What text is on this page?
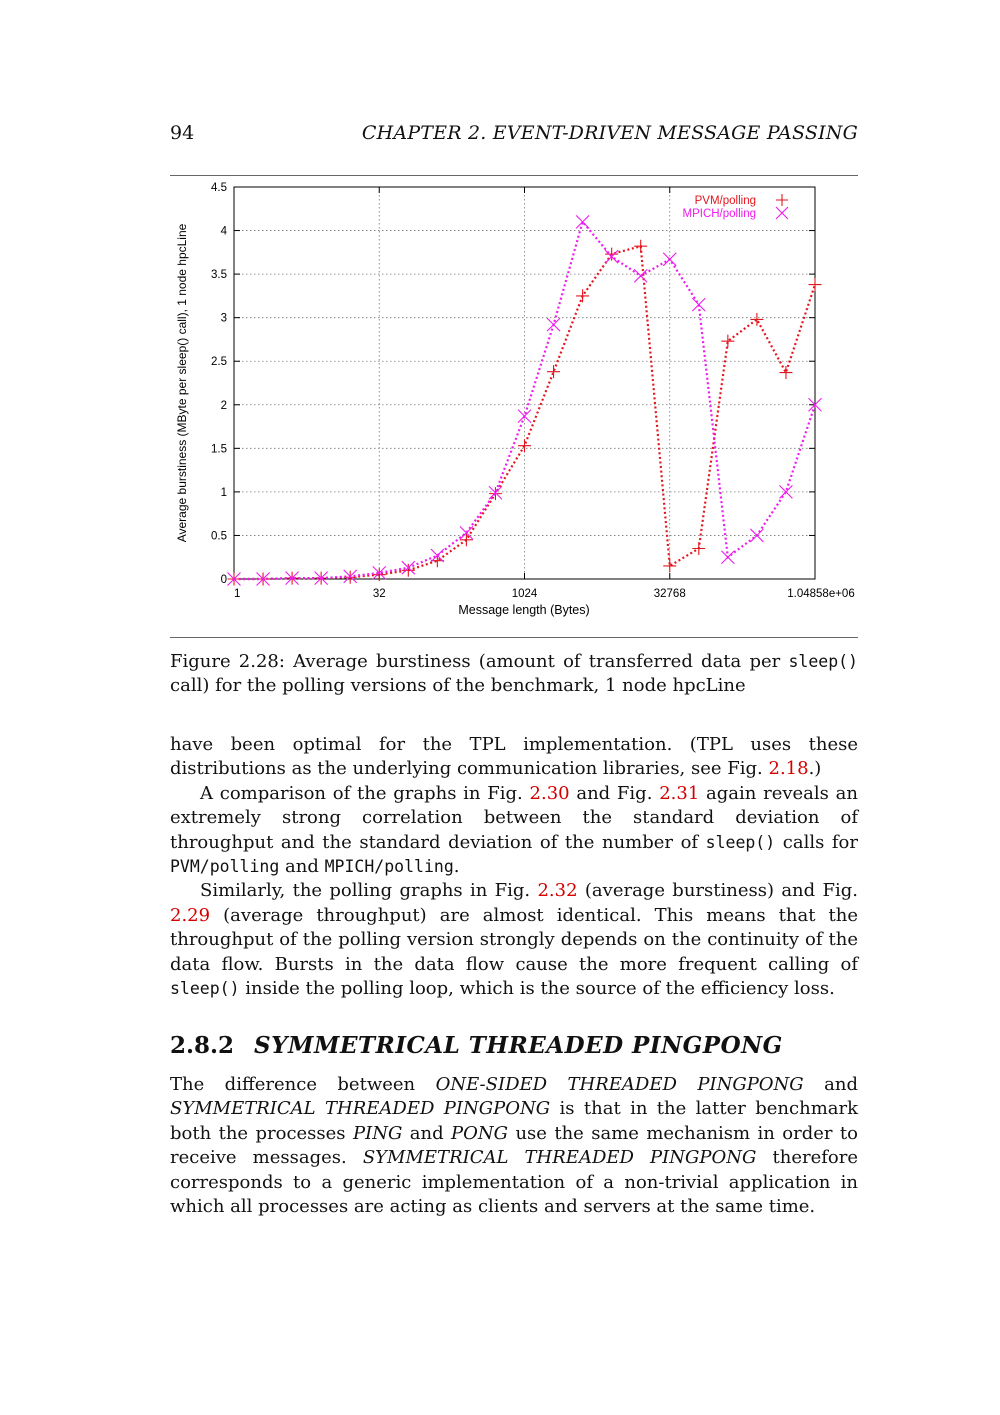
94	CHAPTER 2. EVENT-DRIVEN MESSAGE PASSING
0
0.5
1
1.5
2
2.5
3
3.5
4
4.5
1	32	1024	32768	1.04858e+06
Message length (Bytes)
Average burstiness (MByte per sleep() call), 1 node hpcLine
PVM/polling
MPICH/polling
Figure 2.28: Average burstiness (amount of transferred data per sleep() call) for the polling versions of the benchmark, 1 node hpcLine

have been optimal for the TPL implementation. (TPL uses these distributions as the underlying communication libraries, see Fig. 2.18.)

A comparison of the graphs in Fig. 2.30 and Fig. 2.31 again reveals an extremely strong correlation between the standard deviation of throughput and the standard deviation of the number of sleep() calls for PVM/polling and MPICH/polling.

Similarly, the polling graphs in Fig. 2.32 (average burstiness) and Fig. 2.29 (average throughput) are almost identical. This means that the throughput of the polling version strongly depends on the continuity of the data flow. Bursts in the data flow cause the more frequent calling of sleep() inside the polling loop, which is the source of the efficiency loss.

2.8.2 SYMMETRICAL THREADED PINGPONG

The difference between ONE-SIDED THREADED PINGPONG and SYMMETRICAL THREADED PINGPONG is that in the latter benchmark both the processes PING and PONG use the same mechanism in order to receive messages. SYMMETRICAL THREADED PINGPONG therefore corresponds to a generic implementation of a non-trivial application in which all processes are acting as clients and servers at the same time.
